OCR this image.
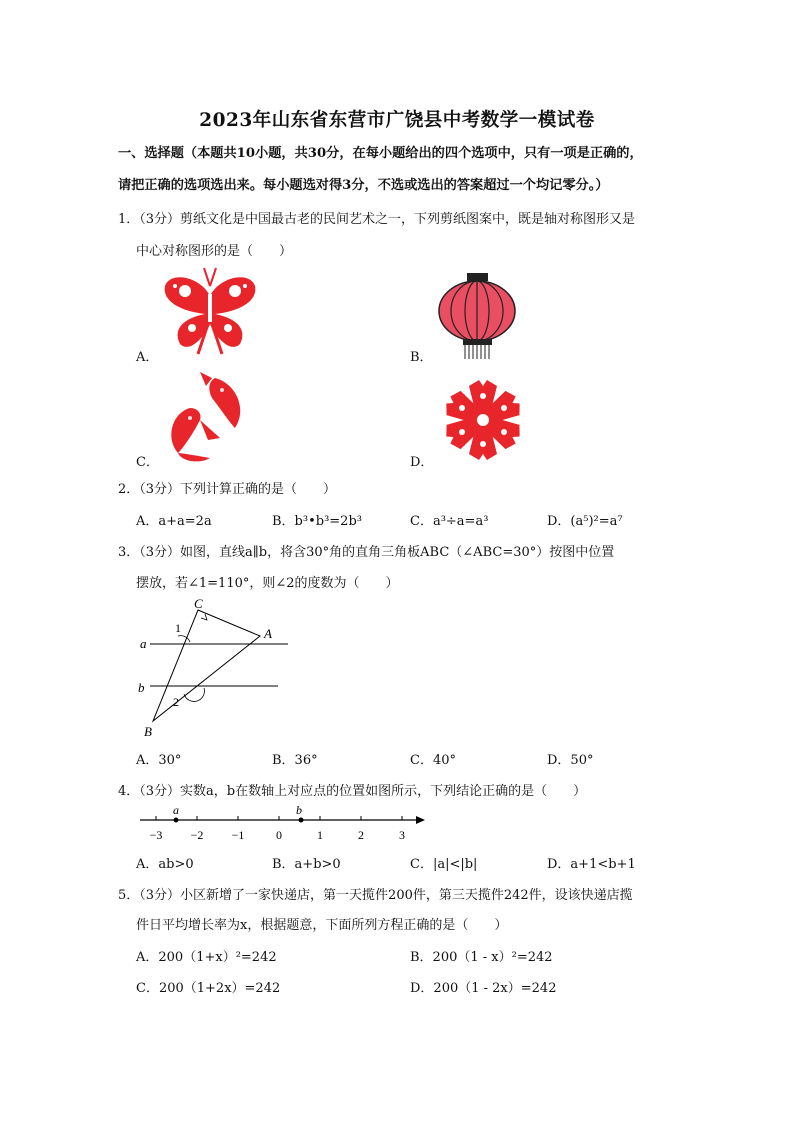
2023年山东省东营市广饶县中考数学一模试卷
一、选择题（本题共10小题，共30分，在每小题给出的四个选项中，只有一项是正确的，
请把正确的选项选出来。每小题选对得3分，不选或选出的答案超过一个均记零分。）
1．（3分）剪纸文化是中国最古老的民间艺术之一，下列剪纸图案中，既是轴对称图形又是
中心对称图形的是（　　）
A．	B．
C．	D．
2．（3分）下列计算正确的是（　　）
A．a+a=2a	B．b³•b³=2b³	C．a³÷a=a³	D．(a⁵)²=a⁷
3．（3分）如图，直线a∥b，将含30°角的直角三角板ABC（∠ABC=30°）按图中位置
摆放，若∠1=110°，则∠2的度数为（　　）
C
A
B
a
b
1
2
A．30°	B．36°	C．40°	D．50°
4．（3分）实数a，b在数轴上对应点的位置如图所示，下列结论正确的是（　　）
−3 −2 −1	0	1	2	3
a	b
A．ab>0	B．a+b>0	C．|a|<|b|	D．a+1<b+1
5．（3分）小区新增了一家快递店，第一天揽件200件，第三天揽件242件，设该快递店揽
件日平均增长率为x，根据题意，下面所列方程正确的是（　　）
A．200（1+x）²=242	B．200（1 - x）²=242
C．200（1+2x）=242	D．200（1 - 2x）=242
